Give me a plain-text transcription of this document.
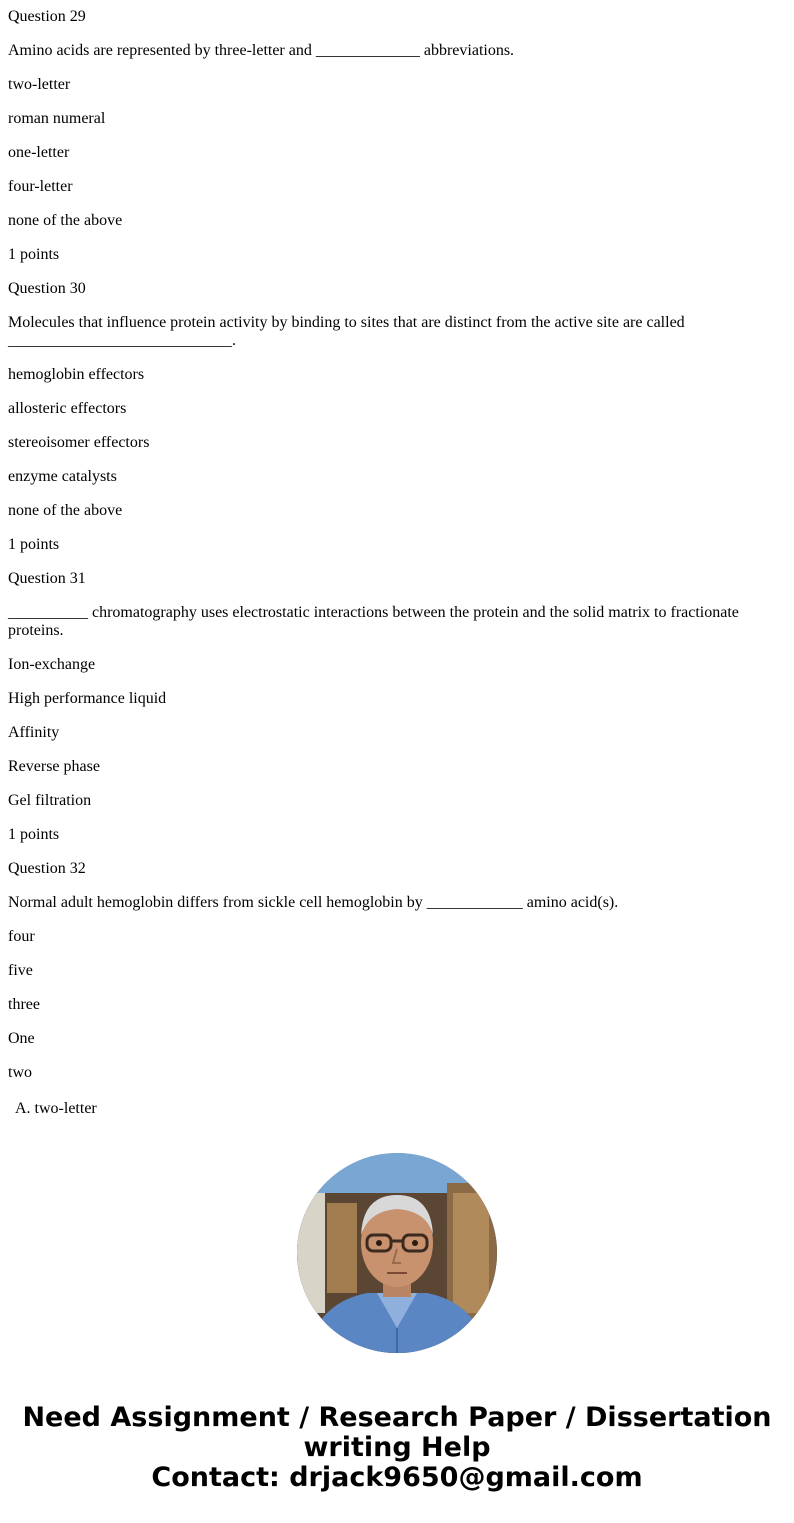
Question 29

Amino acids are represented by three-letter and _____________ abbreviations.

two-letter

roman numeral

one-letter

four-letter

none of the above

1 points

Question 30

Molecules that influence protein activity by binding to sites that are distinct from the active site are called ____________________________.

hemoglobin effectors

allosteric effectors

stereoisomer effectors

enzyme catalysts

none of the above

1 points

Question 31

__________ chromatography uses electrostatic interactions between the protein and the solid matrix to fractionate proteins.

Ion-exchange

High performance liquid

Affinity

Reverse phase

Gel filtration

1 points

Question 32

Normal adult hemoglobin differs from sickle cell hemoglobin by ____________ amino acid(s).

four

five

three

One

two

A. two-letter
Need Assignment / Research Paper / Dissertation
writing Help
Contact: drjack9650@gmail.com
